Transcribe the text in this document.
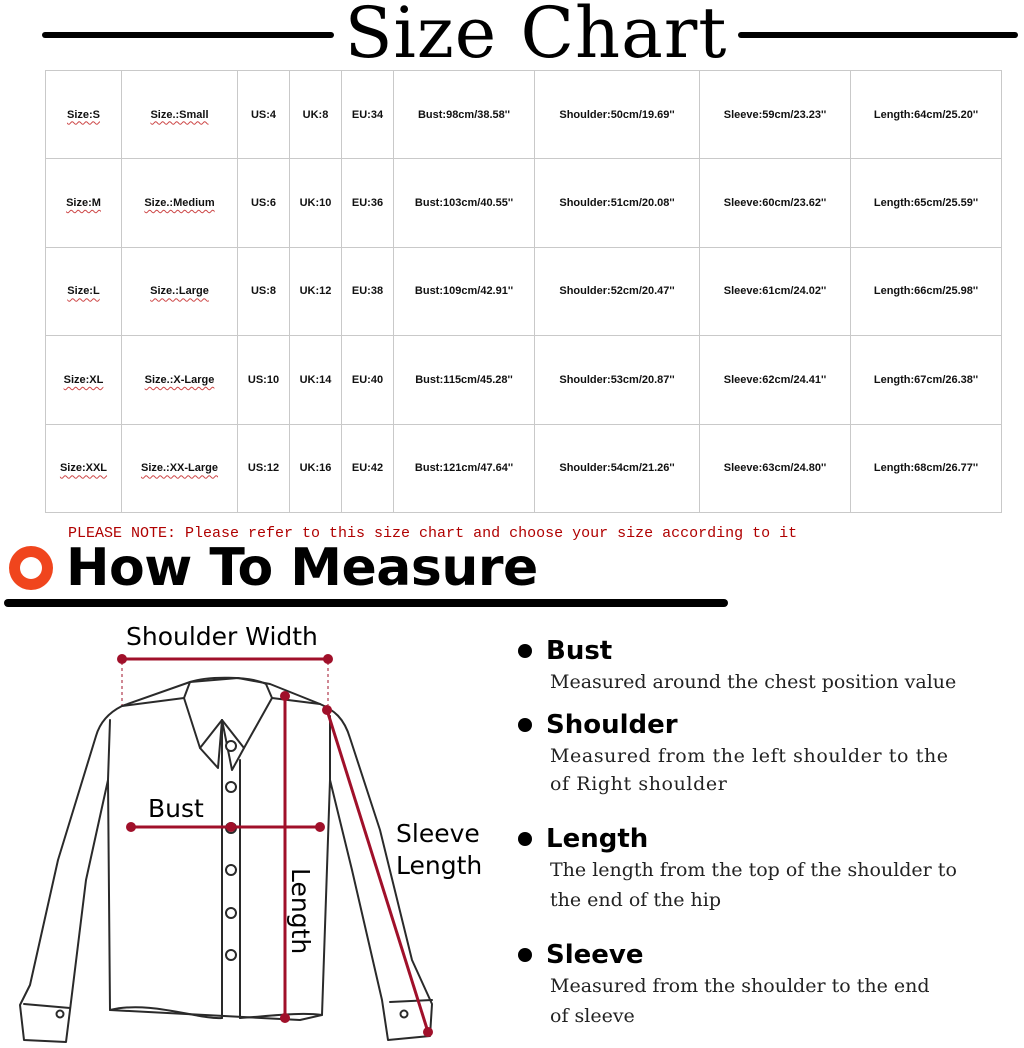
Size Chart
Size:S	Size.:Small	US:4	UK:8	EU:34	Bust:98cm/38.58''	Shoulder:50cm/19.69''	Sleeve:59cm/23.23''	Length:64cm/25.20''
Size:M	Size.:Medium	US:6	UK:10	EU:36	Bust:103cm/40.55''	Shoulder:51cm/20.08''	Sleeve:60cm/23.62''	Length:65cm/25.59''
Size:L	Size.:Large	US:8	UK:12	EU:38	Bust:109cm/42.91''	Shoulder:52cm/20.47''	Sleeve:61cm/24.02''	Length:66cm/25.98''
Size:XL	Size.:X-Large	US:10	UK:14	EU:40	Bust:115cm/45.28''	Shoulder:53cm/20.87''	Sleeve:62cm/24.41''	Length:67cm/26.38''
Size:XXL	Size.:XX-Large	US:12	UK:16	EU:42	Bust:121cm/47.64''	Shoulder:54cm/21.26''	Sleeve:63cm/24.80''	Length:68cm/26.77''
PLEASE NOTE: Please refer to this size chart and choose your size according to it
How To Measure
Shoulder Width
Bust
Length
Sleeve
Length
Bust
Measured around the chest position value
Shoulder
Measured from the left shoulder to the
of Right shoulder
Length
The length from the top of the shoulder to
the end of the hip
Sleeve
Measured from the shoulder to the end
of sleeve
